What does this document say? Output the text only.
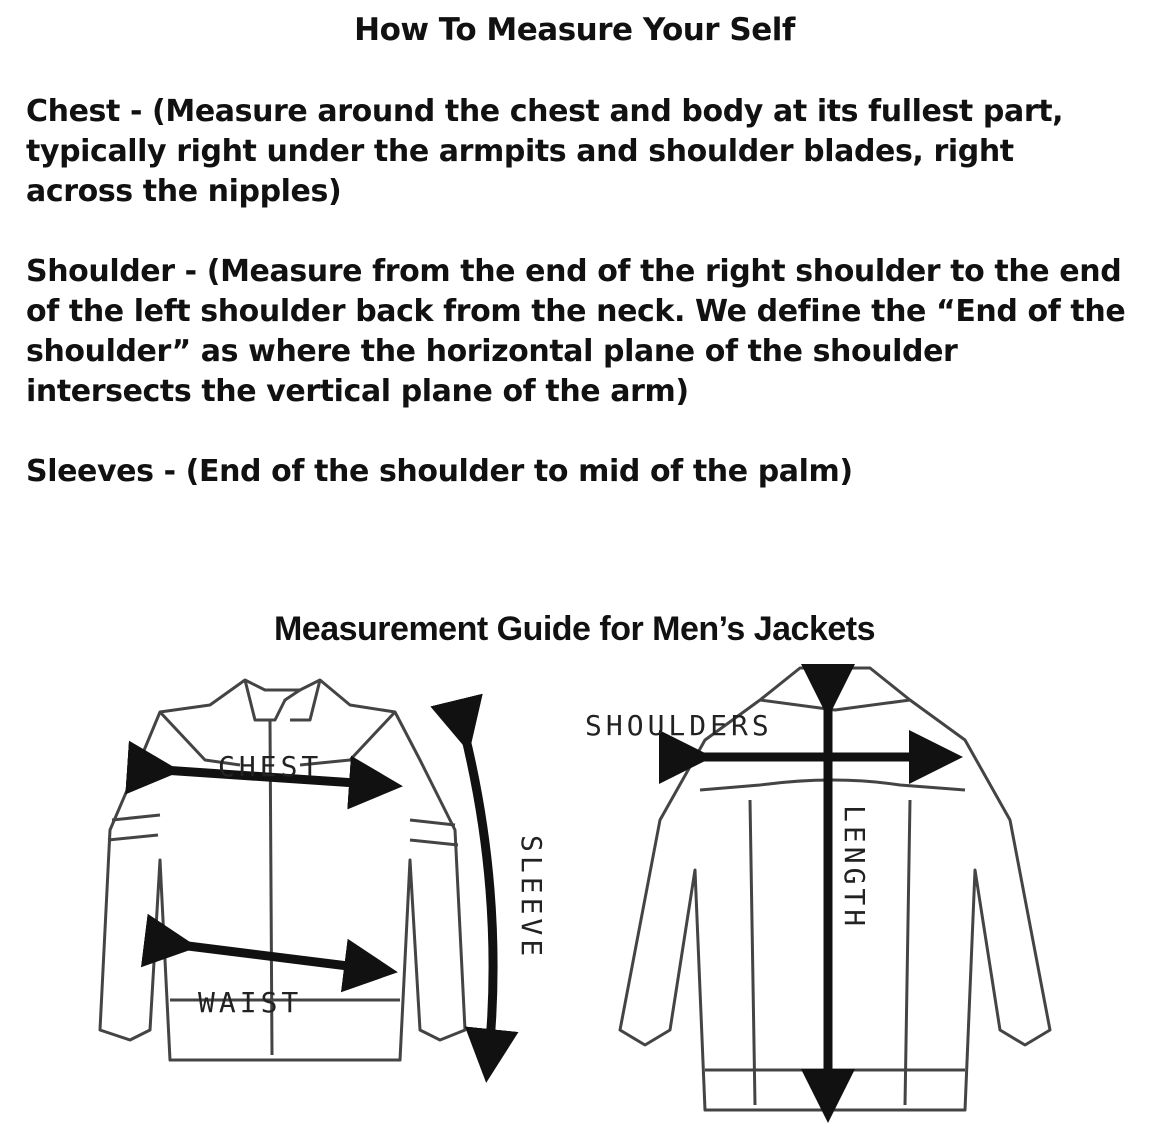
How To Measure Your Self
Chest - (Measure around the chest and body at its fullest part, typically right under the armpits and shoulder blades, right across the nipples)
Shoulder - (Measure from the end of the right shoulder to the end of the left shoulder back from the neck. We define the “End of the shoulder” as where the horizontal plane of the shoulder intersects the vertical plane of the arm)
Sleeves - (End of the shoulder to mid of the palm)
Measurement Guide for Men’s Jackets
CHEST
WAIST
SLEEVE
SHOULDERS
LENGTH
